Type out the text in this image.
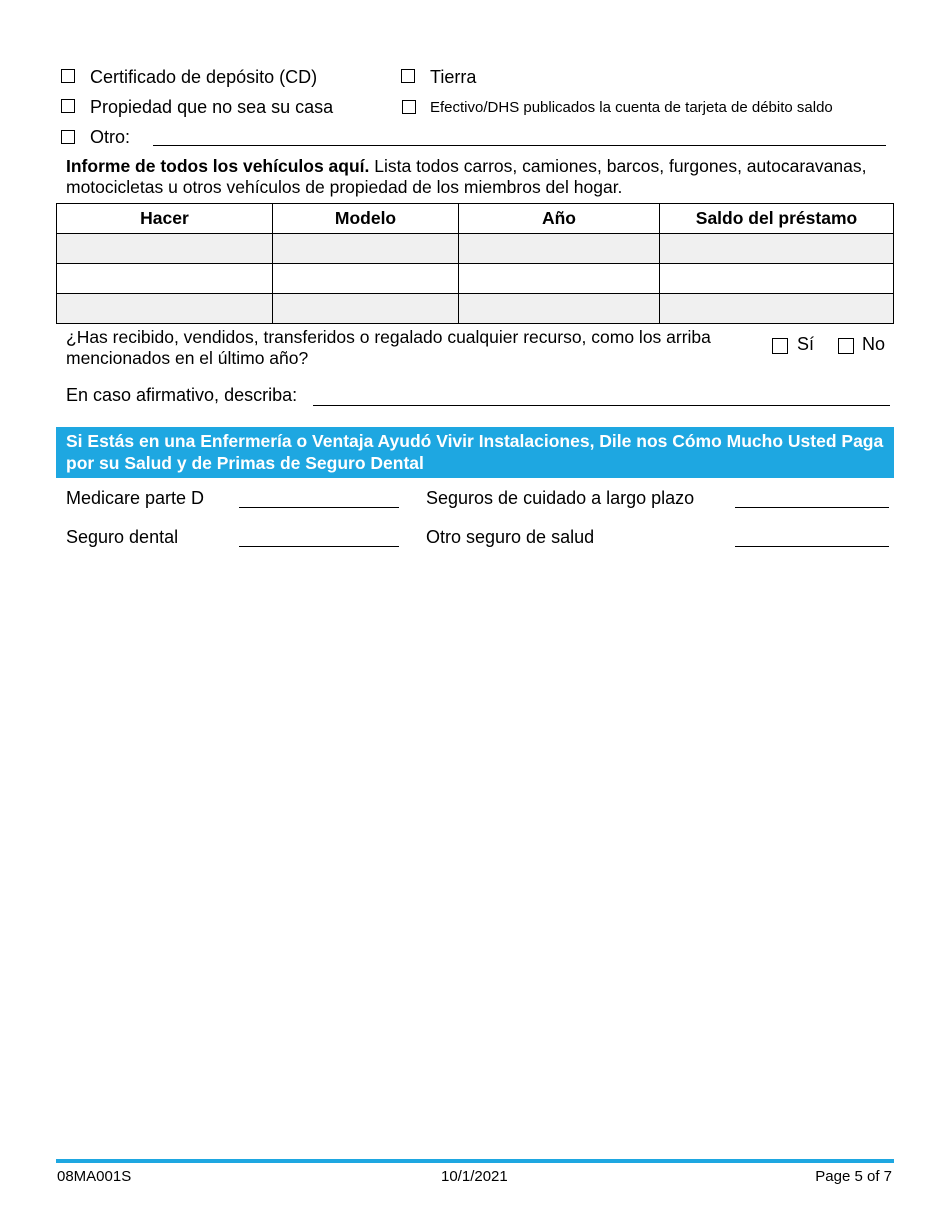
Certificado de depósito (CD)	Tierra
Propiedad que no sea su casa	Efectivo/DHS publicados la cuenta de tarjeta de débito saldo
Otro:
Informe de todos los vehículos aquí. Lista todos carros, camiones, barcos, furgones, autocaravanas, motocicletas u otros vehículos de propiedad de los miembros del hogar.
Hacer	Modelo	Año	Saldo del préstamo

¿Has recibido, vendidos, transferidos o regalado cualquier recurso, como los arriba mencionados en el último año?
Sí	No
En caso afirmativo, describa:
Si Estás en una Enfermería o Ventaja Ayudó Vivir Instalaciones, Dile nos Cómo Mucho Usted Paga por su Salud y de Primas de Seguro Dental
Medicare parte D	Seguros de cuidado a largo plazo
Seguro dental	Otro seguro de salud
08MA001S	10/1/2021	Page 5 of 7
